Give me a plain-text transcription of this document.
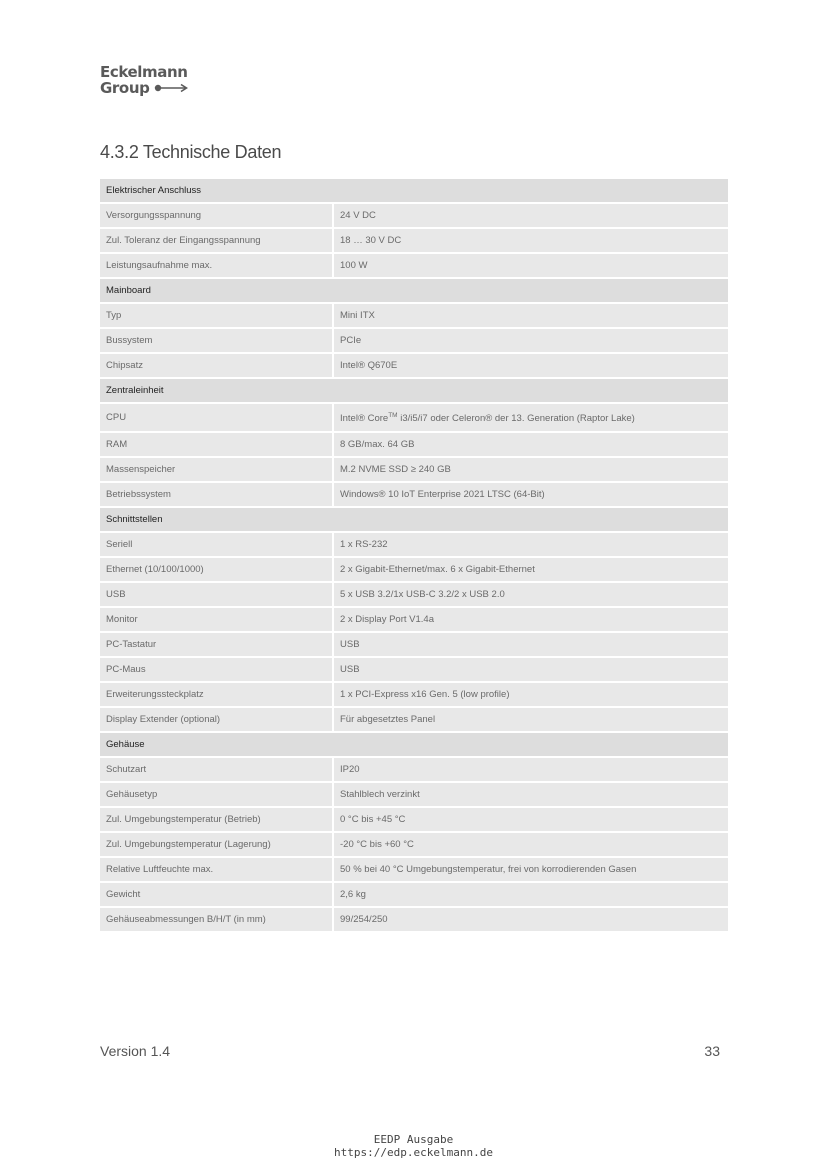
Eckelmann
Group
4.3.2 Technische Daten
Elektrischer Anschluss	
Versorgungsspannung	24 V DC
Zul. Toleranz der Eingangsspannung	18 … 30 V DC
Leistungsaufnahme max.	100 W
Mainboard	
Typ	Mini ITX
Bussystem	PCIe
Chipsatz	Intel® Q670E
Zentraleinheit	
CPU	Intel® Core™ i3/i5/i7 oder Celeron® der 13. Generation (Raptor Lake)
RAM	8 GB/max. 64 GB
Massenspeicher	M.2 NVME SSD ≥ 240 GB
Betriebssystem	Windows® 10 IoT Enterprise 2021 LTSC (64-Bit)
Schnittstellen	
Seriell	1 x RS-232
Ethernet (10/100/1000)	2 x Gigabit-Ethernet/max. 6 x Gigabit-Ethernet
USB	5 x USB 3.2/1x USB-C 3.2/2 x USB 2.0
Monitor	2 x Display Port V1.4a
PC-Tastatur	USB
PC-Maus	USB
Erweiterungssteckplatz	1 x PCI-Express x16 Gen. 5 (low profile)
Display Extender (optional)	Für abgesetztes Panel
Gehäuse	
Schutzart	IP20
Gehäusetyp	Stahlblech verzinkt
Zul. Umgebungstemperatur (Betrieb)	0 °C bis +45 °C
Zul. Umgebungstemperatur (Lagerung)	-20 °C bis +60 °C
Relative Luftfeuchte max.	50 % bei 40 °C Umgebungstemperatur, frei von korrodierenden Gasen
Gewicht	2,6 kg
Gehäuseabmessungen B/H/T (in mm)	99/254/250
Version 1.4	33
EEDP Ausgabe
https://edp.eckelmann.de
